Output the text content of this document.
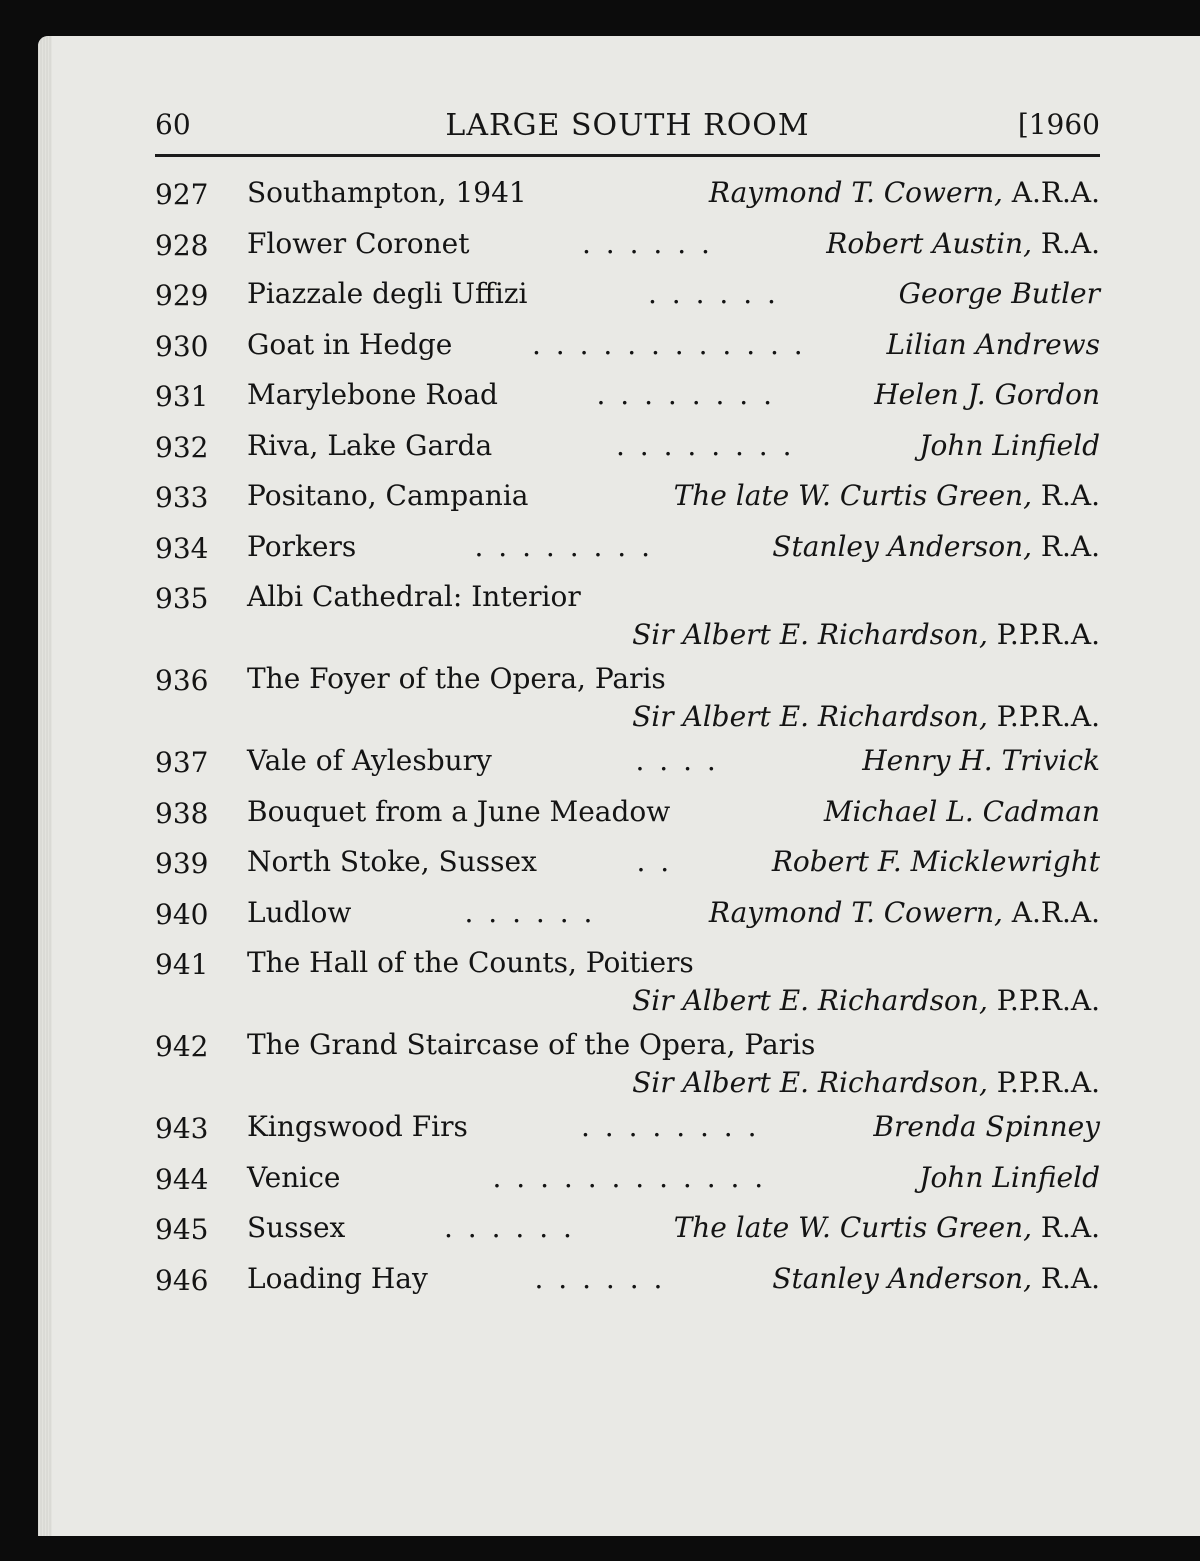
60	LARGE SOUTH ROOM	[1960
927	Southampton, 1941	Raymond T. Cowern, A.R.A.
928	Flower Coronet	Robert Austin, R.A.
. . . . . .
929	Piazzale degli Uffizi	George Butler
. . . . . .
930	Goat in Hedge	Lilian Andrews
. . . . . . . . . . . .
931	Marylebone Road	Helen J. Gordon
. . . . . . . .
932	Riva, Lake Garda	John Linfield
. . . . . . . .
933	Positano, Campania	The late W. Curtis Green, R.A.
934	Porkers	Stanley Anderson, R.A.
. . . . . . . .
935	Albi Cathedral: Interior
Sir Albert E. Richardson, P.P.R.A.
936	The Foyer of the Opera, Paris
Sir Albert E. Richardson, P.P.R.A.
937	Vale of Aylesbury	Henry H. Trivick
. . . .
938	Bouquet from a June Meadow	Michael L. Cadman
939	North Stoke, Sussex	Robert F. Micklewright
. .
940	Ludlow	Raymond T. Cowern, A.R.A.
. . . . . .
941	The Hall of the Counts, Poitiers
Sir Albert E. Richardson, P.P.R.A.
942	The Grand Staircase of the Opera, Paris
Sir Albert E. Richardson, P.P.R.A.
943	Kingswood Firs	Brenda Spinney
. . . . . . . .
944	Venice	John Linfield
. . . . . . . . . . . .
945	Sussex	The late W. Curtis Green, R.A.
. . . . . .
946	Loading Hay	Stanley Anderson, R.A.
. . . . . .
